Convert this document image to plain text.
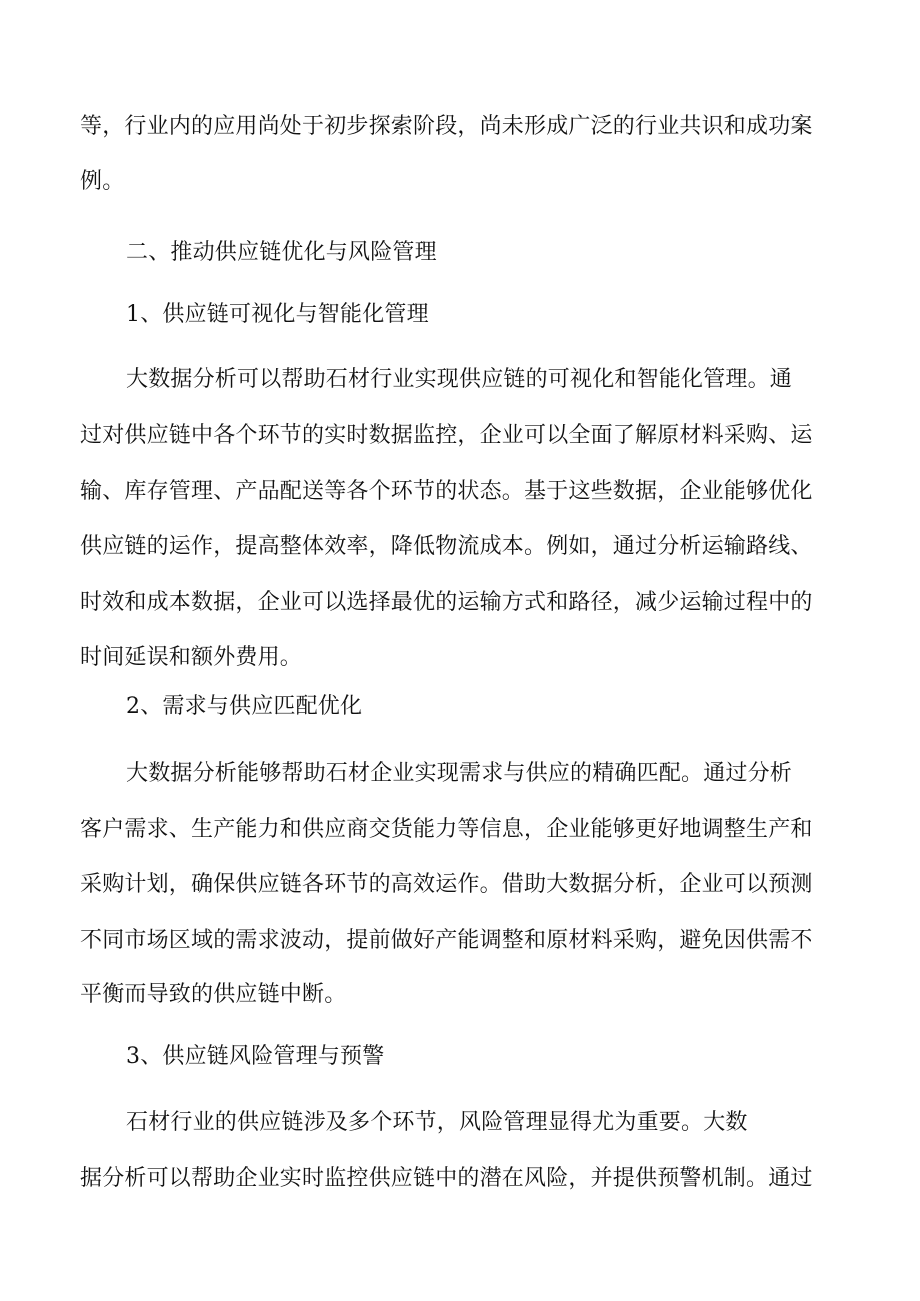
等，行业内的应用尚处于初步探索阶段，尚未形成广泛的行业共识和成功案
例。
二、推动供应链优化与风险管理
1、供应链可视化与智能化管理
大数据分析可以帮助石材行业实现供应链的可视化和智能化管理。通
过对供应链中各个环节的实时数据监控，企业可以全面了解原材料采购、运
输、库存管理、产品配送等各个环节的状态。基于这些数据，企业能够优化
供应链的运作，提高整体效率，降低物流成本。例如，通过分析运输路线、
时效和成本数据，企业可以选择最优的运输方式和路径，减少运输过程中的
时间延误和额外费用。
2、需求与供应匹配优化
大数据分析能够帮助石材企业实现需求与供应的精确匹配。通过分析
客户需求、生产能力和供应商交货能力等信息，企业能够更好地调整生产和
采购计划，确保供应链各环节的高效运作。借助大数据分析，企业可以预测
不同市场区域的需求波动，提前做好产能调整和原材料采购，避免因供需不
平衡而导致的供应链中断。
3、供应链风险管理与预警
石材行业的供应链涉及多个环节，风险管理显得尤为重要。大数
据分析可以帮助企业实时监控供应链中的潜在风险，并提供预警机制。通过
